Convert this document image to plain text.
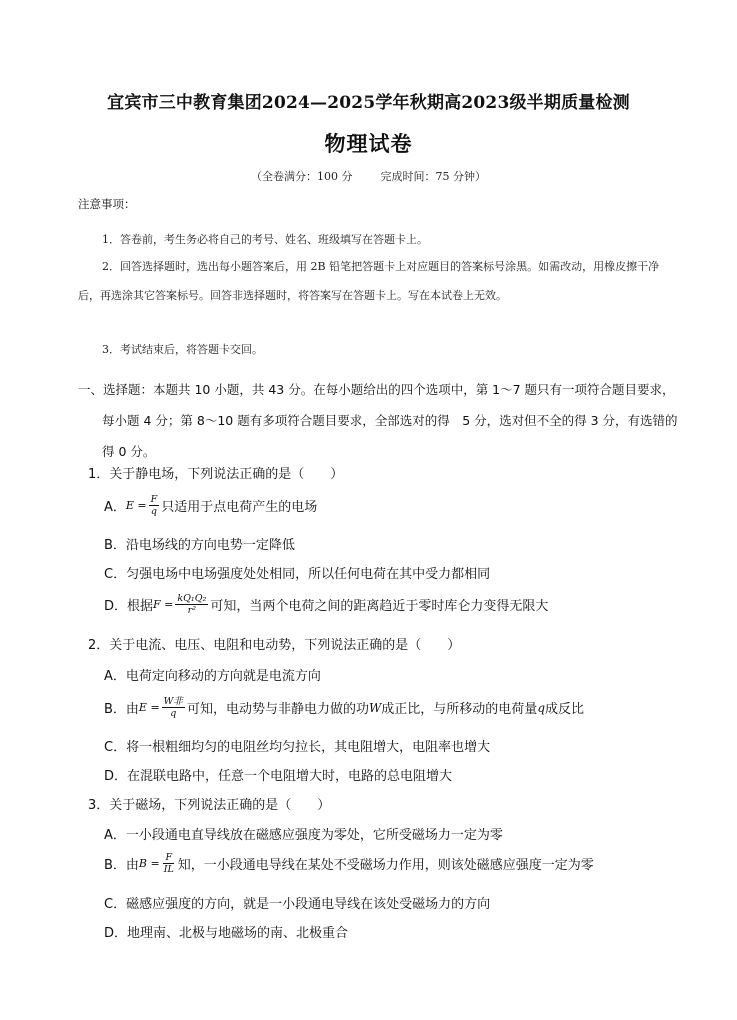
宜宾市三中教育集团2024—2025学年秋期高2023级半期质量检测
物理试卷
（全卷满分：100 分	完成时间：75 分钟）
注意事项：

1．答卷前，考生务必将自己的考号、姓名、班级填写在答题卡上。

2．回答选择题时，选出每小题答案后，用 2B 铅笔把答题卡上对应题目的答案标号涂黑。如需改动，用橡皮擦干净后，再选涂其它答案标号。回答非选择题时，将答案写在答题卡上。写在本试卷上无效。

3．考试结束后，将答题卡交回。

一、选择题：本题共 10 小题，共 43 分。在每小题给出的四个选项中，第 1～7 题只有一项符合题目要求，每小题 4 分；第 8～10 题有多项符合题目要求，全部选对的得　5 分，选对但不全的得 3 分，有选错的得 0 分。

1．关于静电场，下列说法正确的是（　　）
A． $E = \frac{F}{q}$ 只适用于点电荷产生的电场
B．沿电场线的方向电势一定降低
C．匀强电场中电场强度处处相同，所以任何电荷在其中受力都相同
D．根据 $F = \frac{\text{kQ₁Q₂}}{\text{r²}}$ 可知，当两个电荷之间的距离趋近于零时库仑力变得无限大
2．关于电流、电压、电阻和电动势，下列说法正确的是（　　）
A．电荷定向移动的方向就是电流方向
B．由 $E = \frac{\text{W非}}{q}$ 可知，电动势与非静电力做的功 W 成正比，与所移动的电荷量 q 成反比
C．将一根粗细均匀的电阻丝均匀拉长，其电阻增大，电阻率也增大
D．在混联电路中，任意一个电阻增大时，电路的总电阻增大
3．关于磁场，下列说法正确的是（　　）
A．一小段通电直导线放在磁感应强度为零处，它所受磁场力一定为零
B．由 $B = \frac{F}{IL}$ 知，一小段通电导线在某处不受磁场力作用，则该处磁感应强度一定为零
C．磁感应强度的方向，就是一小段通电导线在该处受磁场力的方向
D．地理南、北极与地磁场的南、北极重合
